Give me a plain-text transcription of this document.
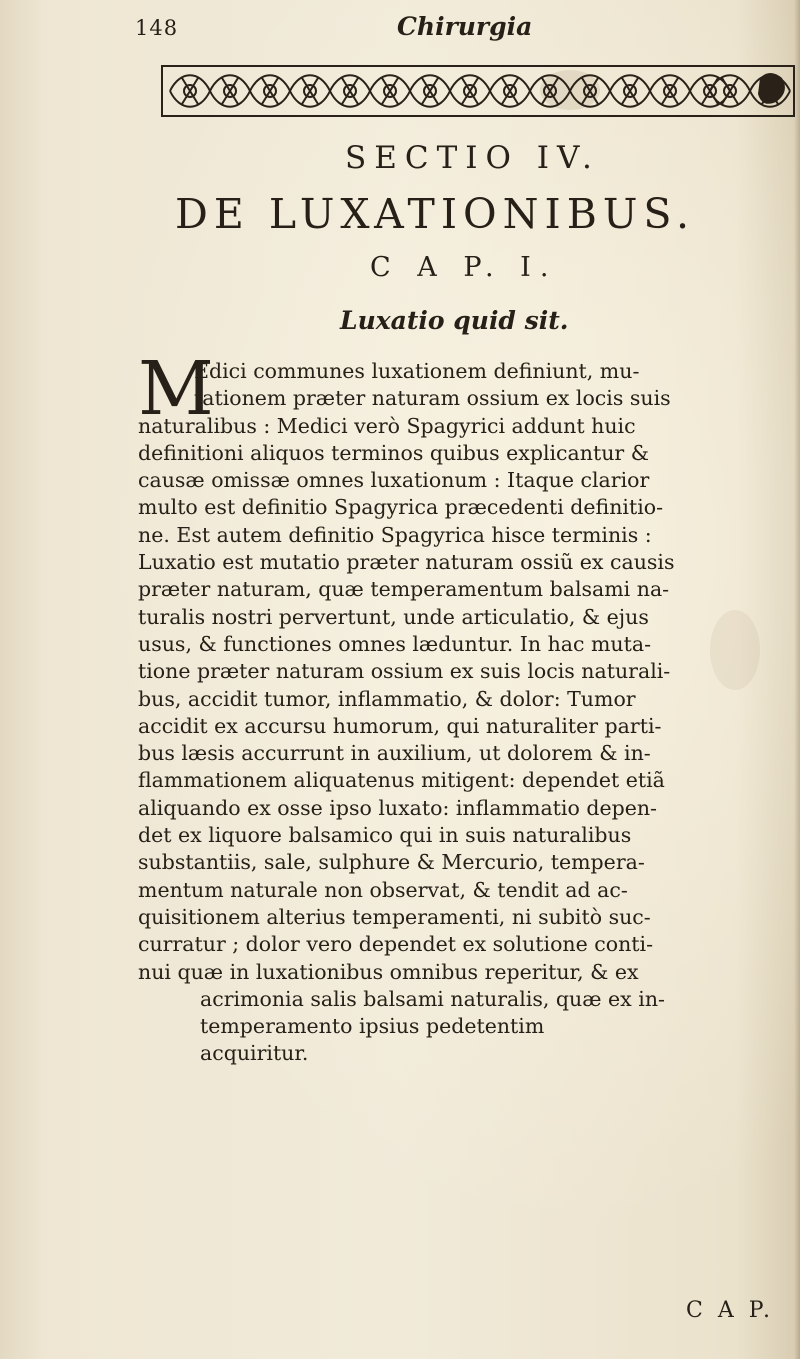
148	Chirurgia
SECTIO IV.
DE LUXATIONIBUS.
C A P. I.
Luxatio quid sit.
M
Edici communes luxationem definiunt, mu-
tationem præter naturam ossium ex locis suis
naturalibus : Medici verò Spagyrici addunt huic
definitioni aliquos terminos quibus explicantur &
causæ omissæ omnes luxationum : Itaque clarior
multo est definitio Spagyrica præcedenti definitio-
ne. Est autem definitio Spagyrica hisce terminis :
Luxatio est mutatio præter naturam ossiũ ex causis
præter naturam, quæ temperamentum balsami na-
turalis nostri pervertunt, unde articulatio, & ejus
usus, & functiones omnes læduntur. In hac muta-
tione præter naturam ossium ex suis locis naturali-
bus, accidit tumor, inflammatio, & dolor: Tumor
accidit ex accursu humorum, qui naturaliter parti-
bus læsis accurrunt in auxilium, ut dolorem & in-
flammationem aliquatenus mitigent: dependet etiã
aliquando ex osse ipso luxato: inflammatio depen-
det ex liquore balsamico qui in suis naturalibus
substantiis, sale, sulphure & Mercurio, tempera-
mentum naturale non observat, & tendit ad ac-
quisitionem alterius temperamenti, ni subitò suc-
curratur ; dolor vero dependet ex solutione conti-
nui quæ in luxationibus omnibus reperitur, & ex
acrimonia salis balsami naturalis, quæ ex in-
temperamento ipsius pedetentim
acquiritur.
C A P.
